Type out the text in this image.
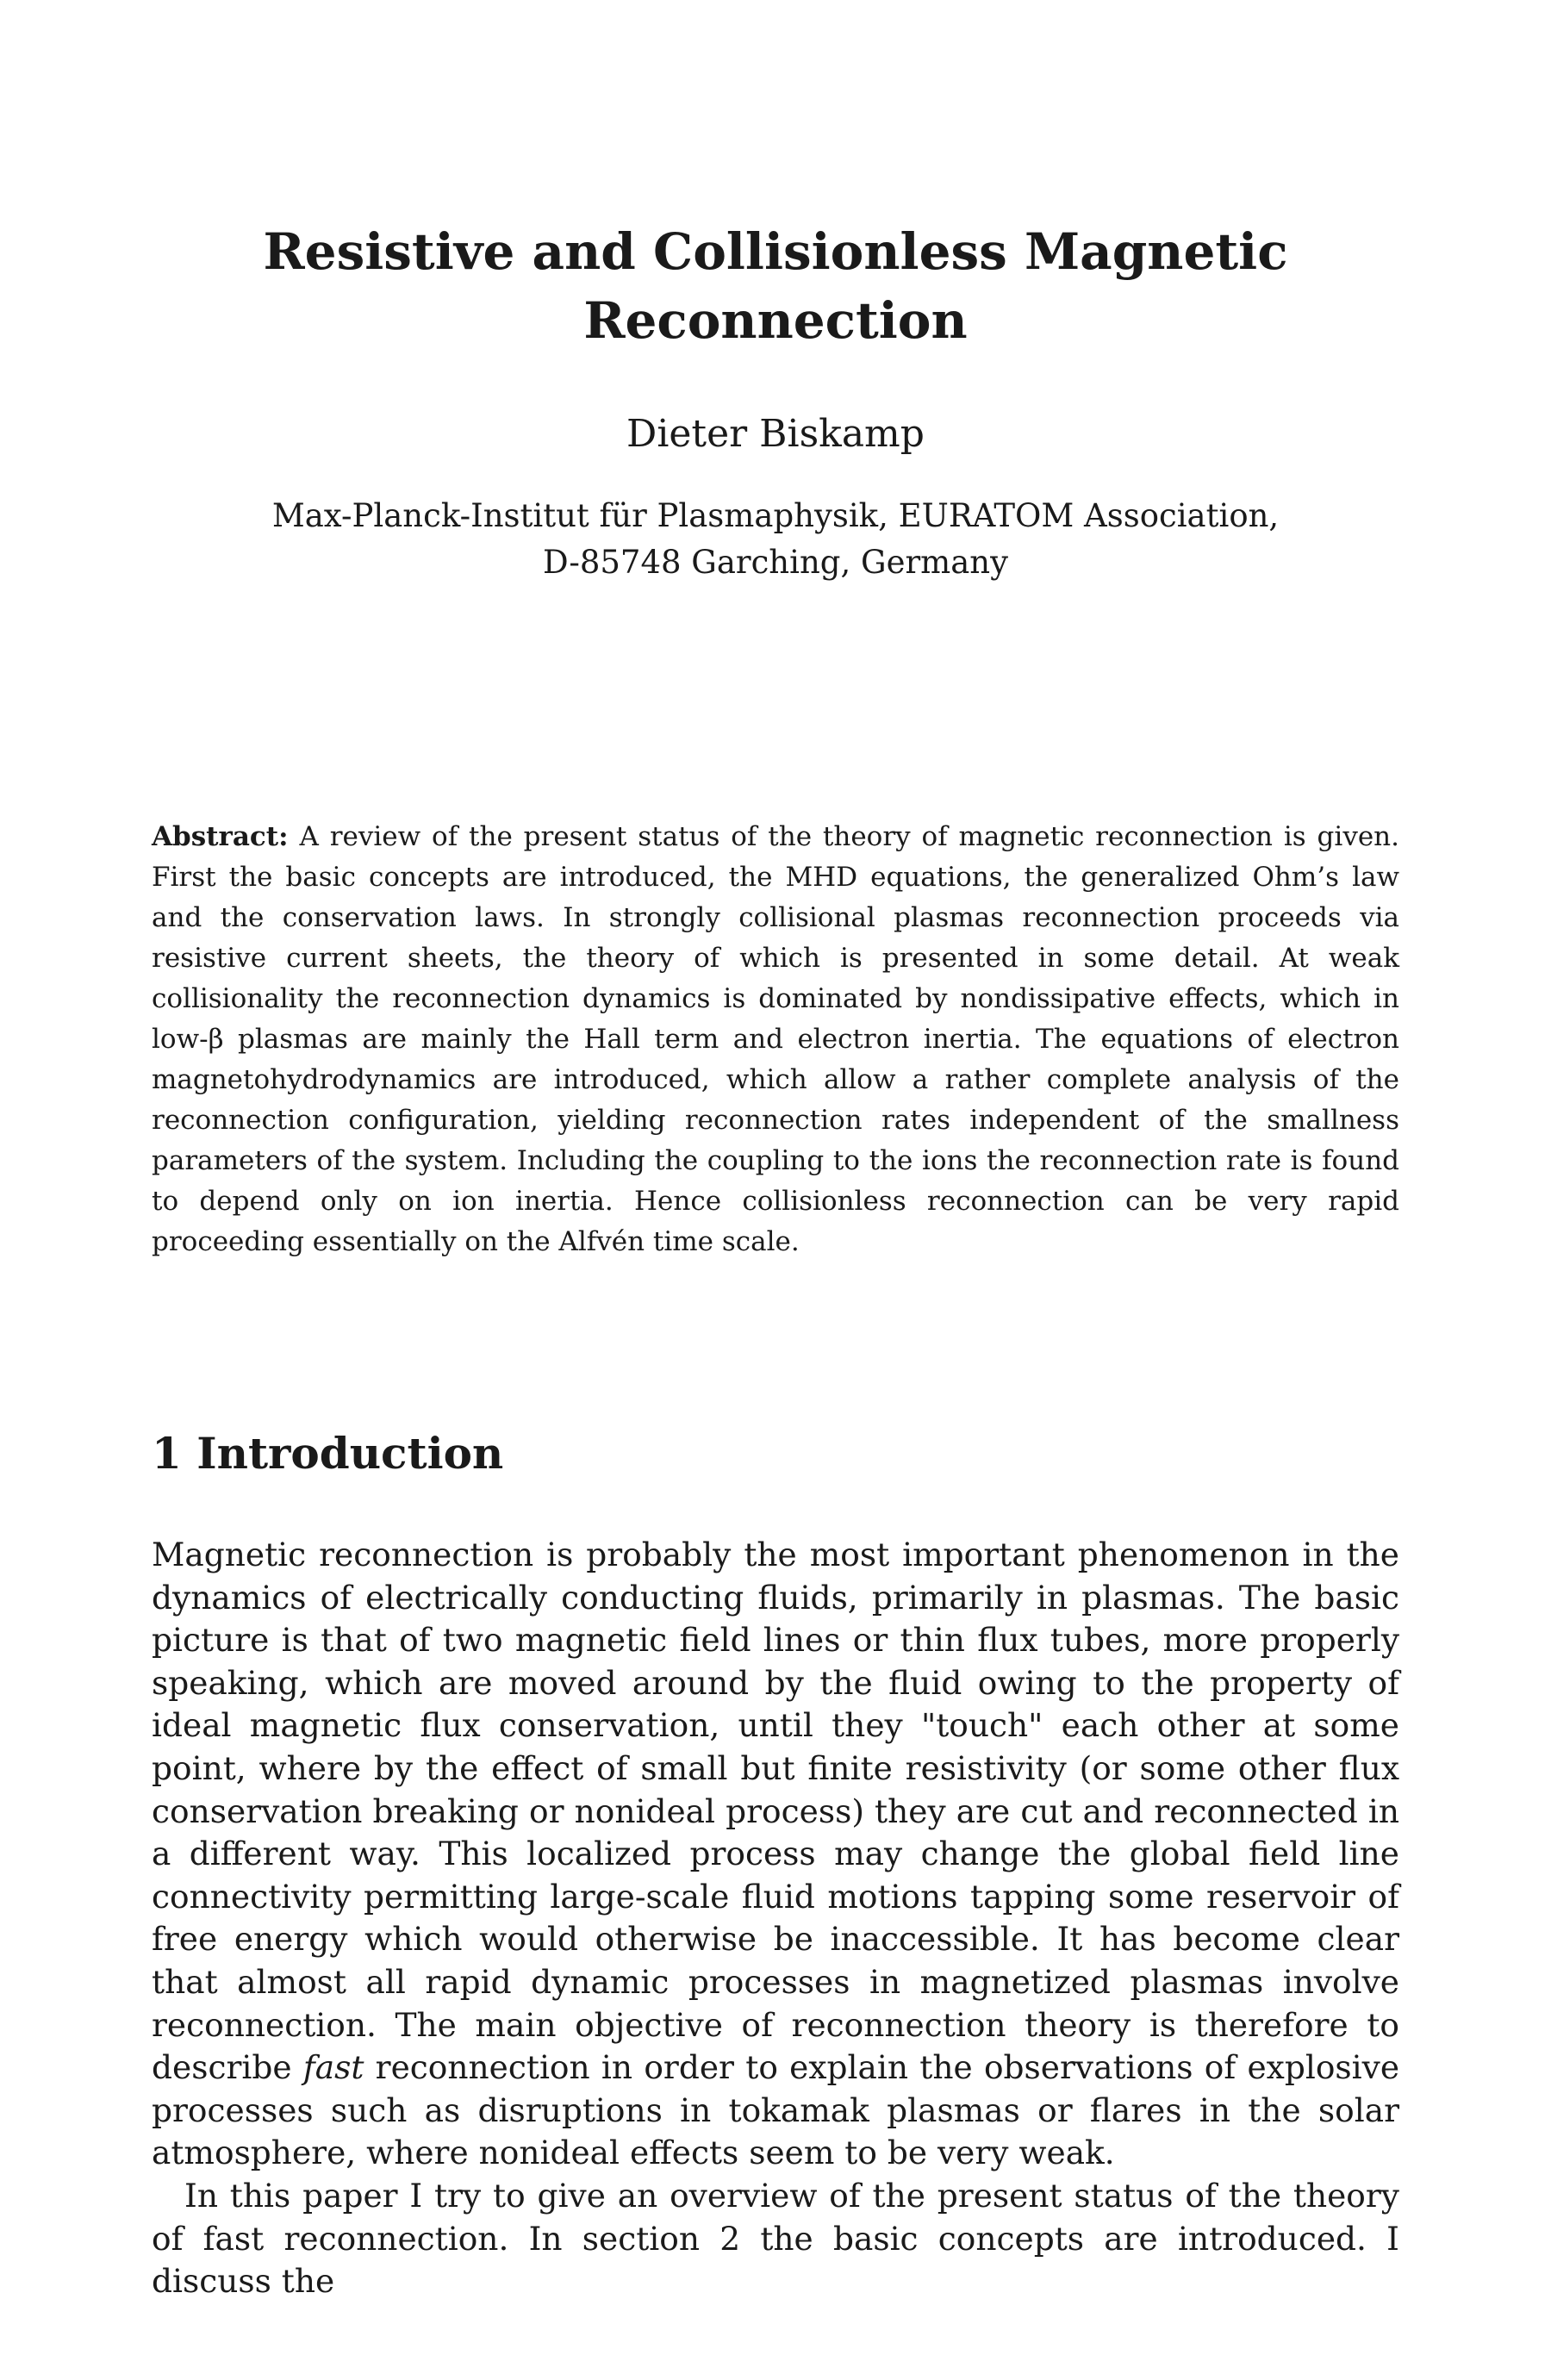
Resistive and Collisionless Magnetic
Reconnection
Dieter Biskamp
Max-Planck-Institut für Plasmaphysik, EURATOM Association,
D-85748 Garching, Germany
Abstract: A review of the present status of the theory of magnetic reconnection is given. First the basic concepts are introduced, the MHD equations, the generalized Ohm’s law and the conservation laws. In strongly collisional plasmas reconnection proceeds via resistive current sheets, the theory of which is presented in some detail. At weak collisionality the reconnection dynamics is dominated by nondissipative effects, which in low-β plasmas are mainly the Hall term and electron inertia. The equations of electron magnetohydrodynamics are introduced, which allow a rather complete analysis of the reconnection configuration, yielding reconnection rates independent of the smallness parameters of the system. Including the coupling to the ions the reconnection rate is found to depend only on ion inertia. Hence collisionless reconnection can be very rapid proceeding essentially on the Alfvén time scale.
1 Introduction

Magnetic reconnection is probably the most important phenomenon in the dynamics of electrically conducting fluids, primarily in plasmas. The basic picture is that of two magnetic field lines or thin flux tubes, more properly speaking, which are moved around by the fluid owing to the property of ideal magnetic flux conservation, until they "touch" each other at some point, where by the effect of small but finite resistivity (or some other flux conservation breaking or nonideal process) they are cut and reconnected in a different way. This localized process may change the global field line connectivity permitting large-scale fluid motions tapping some reservoir of free energy which would otherwise be inaccessible. It has become clear that almost all rapid dynamic processes in magnetized plasmas involve reconnection. The main objective of reconnection theory is therefore to describe fast reconnection in order to explain the observations of explosive processes such as disruptions in tokamak plasmas or flares in the solar atmosphere, where nonideal effects seem to be very weak.

In this paper I try to give an overview of the present status of the theory of fast reconnection. In section 2 the basic concepts are introduced. I discuss the
